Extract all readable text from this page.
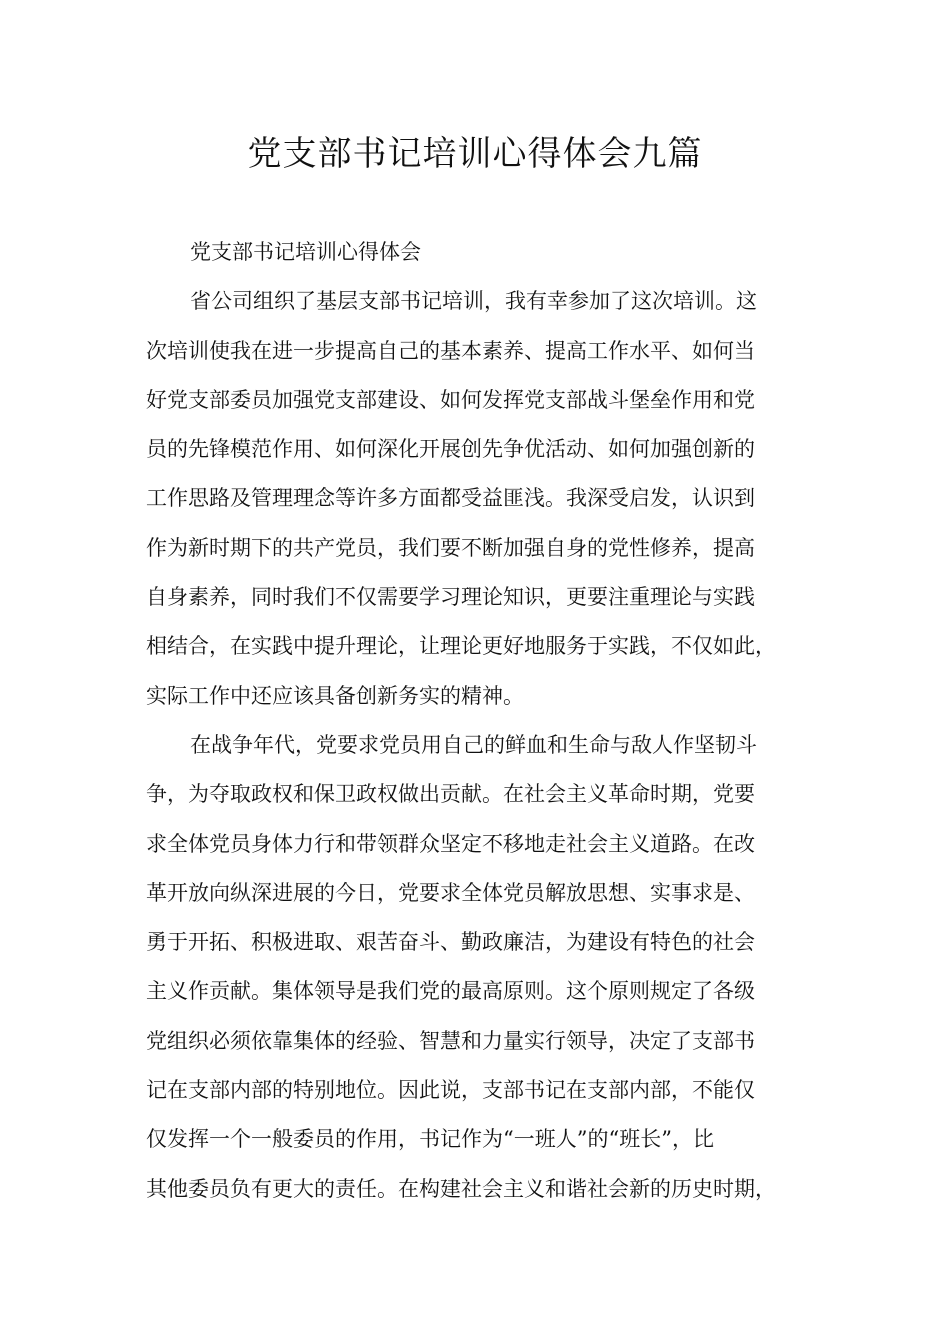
党支部书记培训心得体会九篇
党支部书记培训心得体会
省公司组织了基层支部书记培训，我有幸参加了这次培训。这
次培训使我在进一步提高自己的基本素养、提高工作水平、如何当
好党支部委员加强党支部建设、如何发挥党支部战斗堡垒作用和党
员的先锋模范作用、如何深化开展创先争优活动、如何加强创新的
工作思路及管理理念等许多方面都受益匪浅。我深受启发，认识到
作为新时期下的共产党员，我们要不断加强自身的党性修养，提高
自身素养，同时我们不仅需要学习理论知识，更要注重理论与实践
相结合，在实践中提升理论，让理论更好地服务于实践，不仅如此，
实际工作中还应该具备创新务实的精神。
在战争年代，党要求党员用自己的鲜血和生命与敌人作坚韧斗
争，为夺取政权和保卫政权做出贡献。在社会主义革命时期，党要
求全体党员身体力行和带领群众坚定不移地走社会主义道路。在改
革开放向纵深进展的今日，党要求全体党员解放思想、实事求是、
勇于开拓、积极进取、艰苦奋斗、勤政廉洁，为建设有特色的社会
主义作贡献。集体领导是我们党的最高原则。这个原则规定了各级
党组织必须依靠集体的经验、智慧和力量实行领导，决定了支部书
记在支部内部的特别地位。因此说，支部书记在支部内部，不能仅
仅发挥一个一般委员的作用，书记作为“一班人”的“班长”，比
其他委员负有更大的责任。在构建社会主义和谐社会新的历史时期，
